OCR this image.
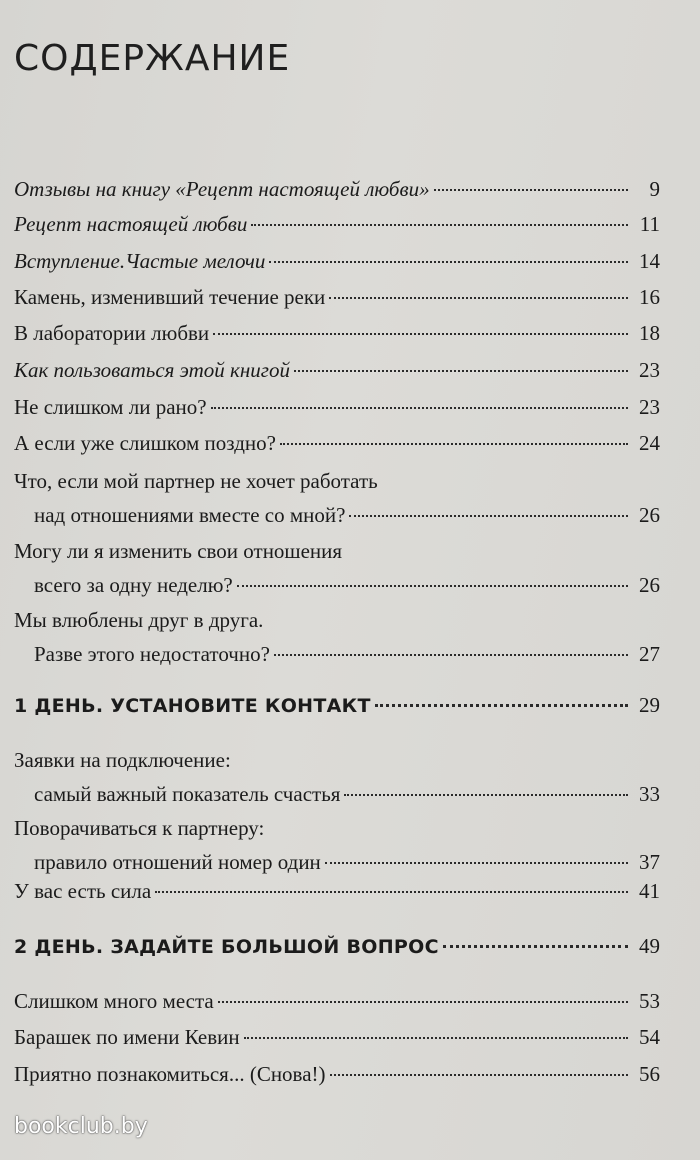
СОДЕРЖАНИЕ
Отзывы на книгу «Рецепт настоящей любви»	9
Рецепт настоящей любви	11
Вступление.Частые мелочи	14
Камень, изменивший течение реки	16
В лаборатории любви	18
Как пользоваться этой книгой	23
Не слишком ли рано?	23
А если уже слишком поздно?	24
Что, если мой партнер не хочет работать
над отношениями вместе со мной?	26
Могу ли я изменить свои отношения
всего за одну неделю?	26
Мы влюблены друг в друга.
Разве этого недостаточно?	27
1 ДЕНЬ. УСТАНОВИТЕ КОНТАКТ	29
Заявки на подключение:
самый важный показатель счастья	33
Поворачиваться к партнеру:
правило отношений номер один	37
У вас есть сила	41
2 ДЕНЬ. ЗАДАЙТЕ БОЛЬШОЙ ВОПРОС	49
Слишком много места	53
Барашек по имени Кевин	54
Приятно познакомиться... (Снова!)	56
bookclub.by
